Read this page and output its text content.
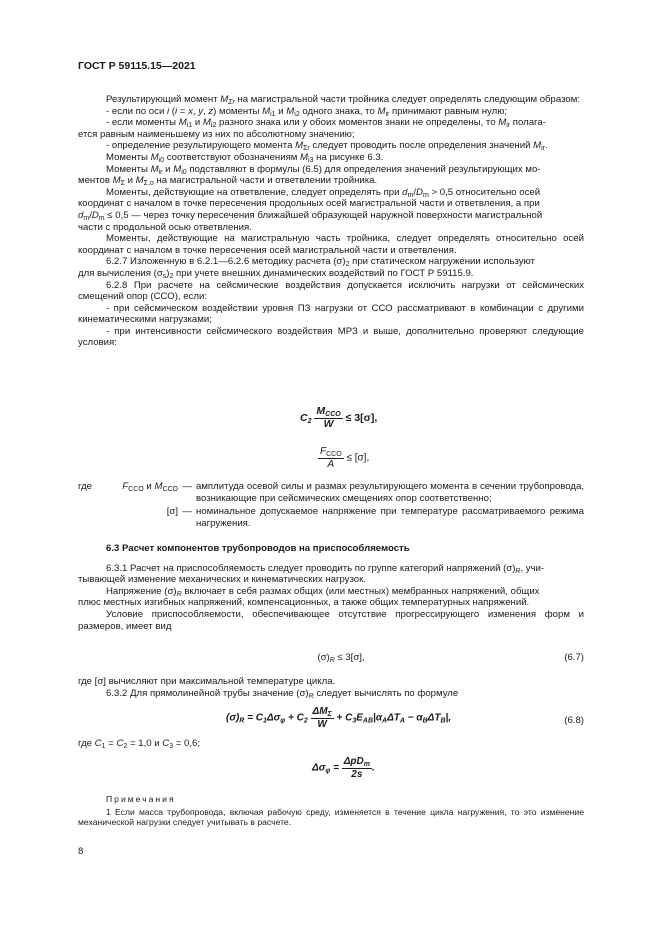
ГОСТ Р 59115.15—2021

Результирующий момент $M_{\Sigma r}$ на магистральной части тройника следует определять следующим образом:

- если по оси i (i = x, y, z) моменты $M_{i1}$ и $M_{i2}$ одного знака, то $M_{ir}$ принимают равным нулю;

- если моменты $M_{i1}$ и $M_{i2}$ разного знака или у обоих моментов знаки не определены, то $M_{ir}$ полага-

ется равным наименьшему из них по абсолютному значению;

- определение результирующего момента $M_{\Sigma r}$ следует проводить после определения значений $M_{ir}$.

Моменты $M_{i0}$ соответствуют обозначениям $M_{i3}$ на рисунке 6.3.

Моменты $M_{ir}$ и $M_{i0}$ подставляют в формулы (6.5) для определения значений результирующих мо-

ментов $M_\Sigma$ и $M_{\Sigma,o}$ на магистральной части и ответвлении тройника.

Моменты, действующие на ответвление, следует определять при $d_m/D_m > 0,5$ относительно осей

координат с началом в точке пересечения продольных осей магистральной части и ответвления, а при

$d_m/D_m \le 0,5$ — через точку пересечения ближайшей образующей наружной поверхности магистральной

части с продольной осью ответвления.

Моменты, действующие на магистральную часть тройника, следует определять относительно осей координат с началом в точке пересечения осей магистральной части и ответвления.

6.2.7 Изложенную в 6.2.1—6.2.6 методику расчета $(\sigma)_2$ при статическом нагружении используют

для вычисления $(\sigma_s)_2$ при учете внешних динамических воздействий по ГОСТ Р 59115.9.

6.2.8 При расчете на сейсмические воздействия допускается исключить нагрузки от сейсмических смещений опор (ССО), если:

- при сейсмическом воздействии уровня ПЗ нагрузки от ССО рассматривают в комбинации с другими кинематическими нагрузками;

- при интенсивности сейсмического воздействия МРЗ и выше, дополнительно проверяют следующие условия:

$C_2 \frac{M_{CCO}}{W} \le 3[\sigma]$,
$\frac{F_{CCO}}{A} \le [\sigma]$,
где	$F_{CCO}$ и $M_{CCO}$ — амплитуда осевой силы и размах результирующего момента в сечении трубопровода, возникающие при сейсмических смещениях опор соответственно;
[σ] — номинальное допускаемое напряжение при температуре рассматриваемого режима нагружения.

6.3 Расчет компонентов трубопроводов на приспособляемость

6.3.1 Расчет на приспособляемость следует проводить по группе категорий напряжений $(\sigma)_R$, учи-

тывающей изменение механических и кинематических нагрузок.

Напряжение $(\sigma)_R$ включает в себя размах общих (или местных) мембранных напряжений, общих

плюс местных изгибных напряжений, компенсационных, а также общих температурных напряжений.

Условие приспособляемости, обеспечивающее отсутствие прогрессирующего изменения форм и размеров, имеет вид

$(\sigma)_R \le 3[\sigma]$,	(6.7)

где [σ] вычисляют при максимальной температуре цикла.

6.3.2 Для прямолинейной трубы значение $(\sigma)_R$ следует вычислять по формуле

$(\sigma)_R = C_1\Delta\sigma_\varphi + C_2 \frac{\Delta M_\Sigma}{W} + C_3E_{AB}|\alpha_A\Delta T_A - \alpha_B\Delta T_B|$,	(6.8)

где $C_1 = C_2 = 1,0$ и $C_3 = 0,6$;

$\Delta\sigma_\varphi = \frac{\Delta pD_m}{2s}$ .

Примечания

1 Если масса трубопровода, включая рабочую среду, изменяется в течение цикла нагружения, то это изменение механической нагрузки следует учитывать в расчете.

8
